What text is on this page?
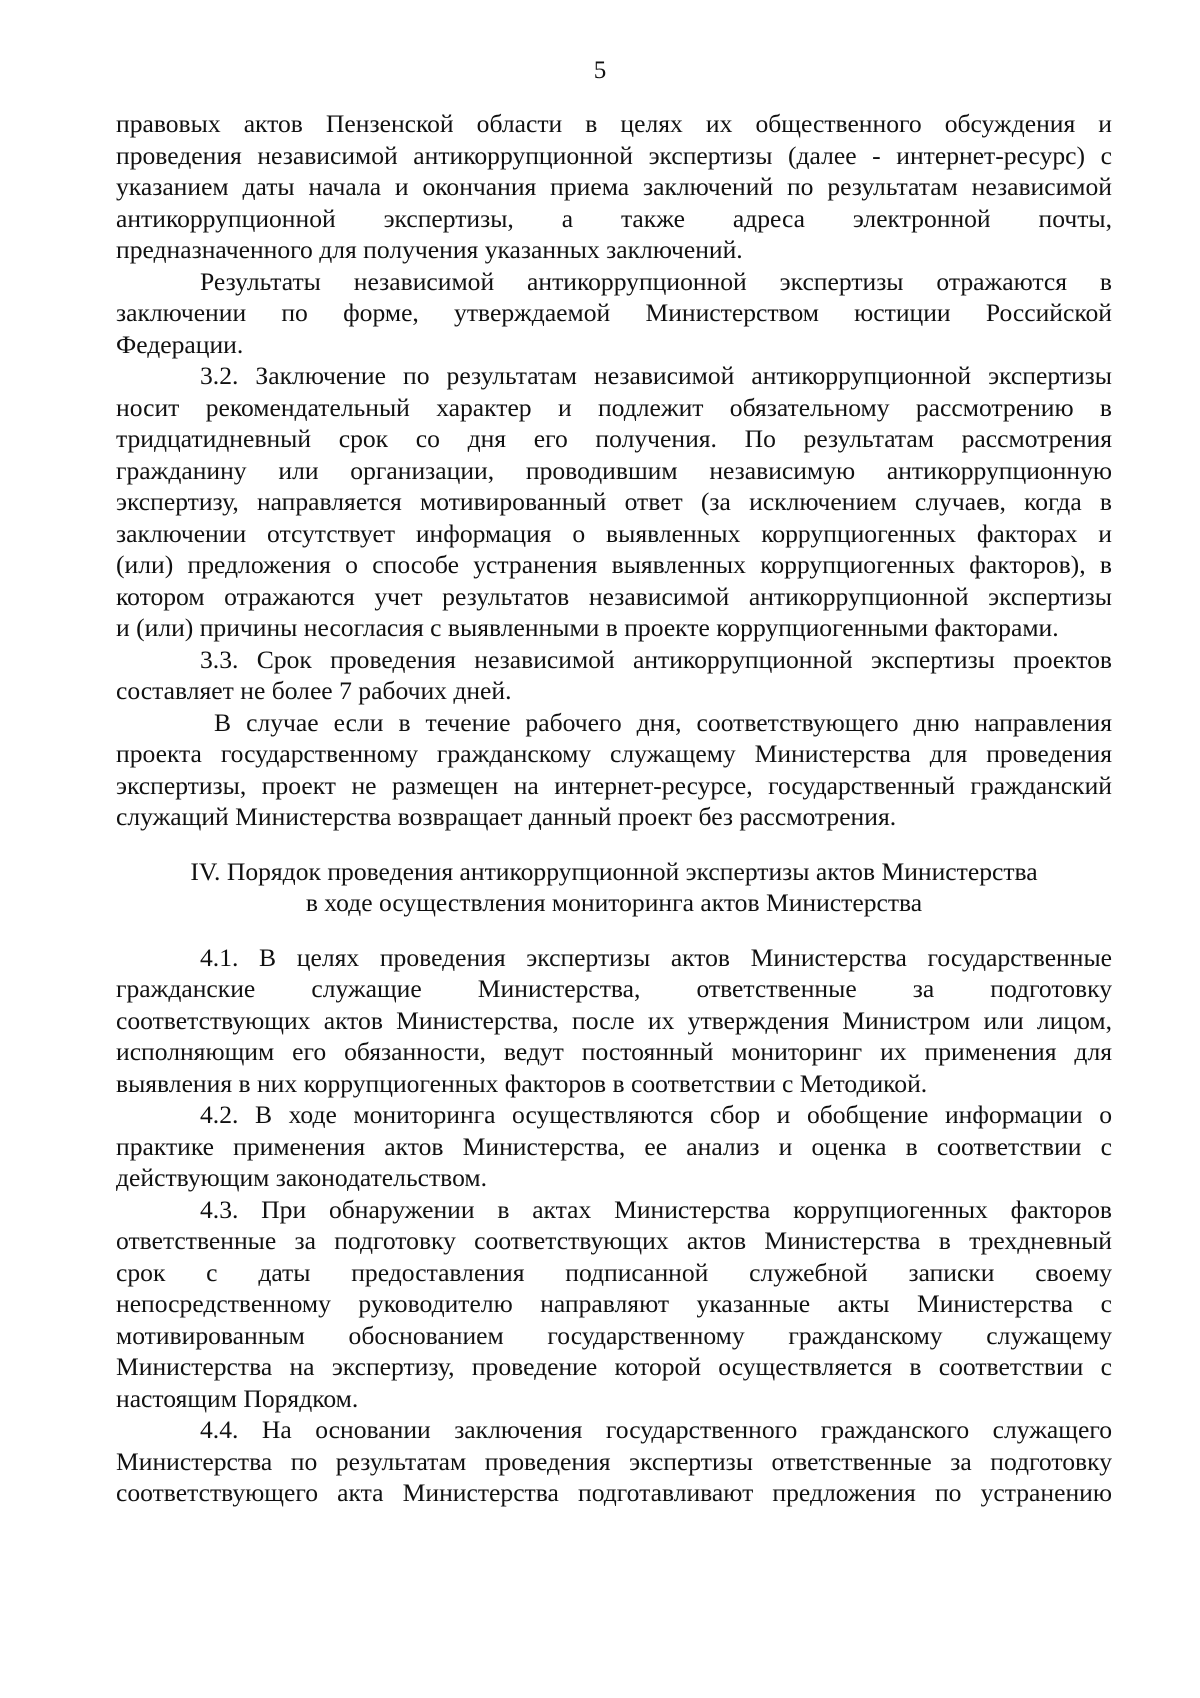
5

правовых актов Пензенской области в целях их общественного обсуждения и
проведения независимой антикоррупционной экспертизы (далее - интернет-ресурс) с
указанием даты начала и окончания приема заключений по результатам независимой
антикоррупционной экспертизы, а также адреса электронной почты,
предназначенного для получения указанных заключений.

Результаты независимой антикоррупционной экспертизы отражаются в
заключении по форме, утверждаемой Министерством юстиции Российской
Федерации.

3.2. Заключение по результатам независимой антикоррупционной экспертизы
носит рекомендательный характер и подлежит обязательному рассмотрению в
тридцатидневный срок со дня его получения. По результатам рассмотрения
гражданину или организации, проводившим независимую антикоррупционную
экспертизу, направляется мотивированный ответ (за исключением случаев, когда в
заключении отсутствует информация о выявленных коррупциогенных факторах и
(или) предложения о способе устранения выявленных коррупциогенных факторов), в
котором отражаются учет результатов независимой антикоррупционной экспертизы
и (или) причины несогласия с выявленными в проекте коррупциогенными факторами.

3.3. Срок проведения независимой антикоррупционной экспертизы проектов
составляет не более 7 рабочих дней.

В случае если в течение рабочего дня, соответствующего дню направления
проекта государственному гражданскому служащему Министерства для проведения
экспертизы, проект не размещен на интернет-ресурсе, государственный гражданский
служащий Министерства возвращает данный проект без рассмотрения.

IV. Порядок проведения антикоррупционной экспертизы актов Министерства

в ходе осуществления мониторинга актов Министерства

4.1. В целях проведения экспертизы актов Министерства государственные
гражданские служащие Министерства, ответственные за подготовку
соответствующих актов Министерства, после их утверждения Министром или лицом,
исполняющим его обязанности, ведут постоянный мониторинг их применения для
выявления в них коррупциогенных факторов в соответствии с Методикой.

4.2. В ходе мониторинга осуществляются сбор и обобщение информации о
практике применения актов Министерства, ее анализ и оценка в соответствии с
действующим законодательством.

4.3. При обнаружении в актах Министерства коррупциогенных факторов
ответственные за подготовку соответствующих актов Министерства в трехдневный
срок с даты предоставления подписанной служебной записки своему
непосредственному руководителю направляют указанные акты Министерства с
мотивированным обоснованием государственному гражданскому служащему
Министерства на экспертизу, проведение которой осуществляется в соответствии с
настоящим Порядком.

4.4. На основании заключения государственного гражданского служащего
Министерства по результатам проведения экспертизы ответственные за подготовку
соответствующего акта Министерства подготавливают предложения по устранению
